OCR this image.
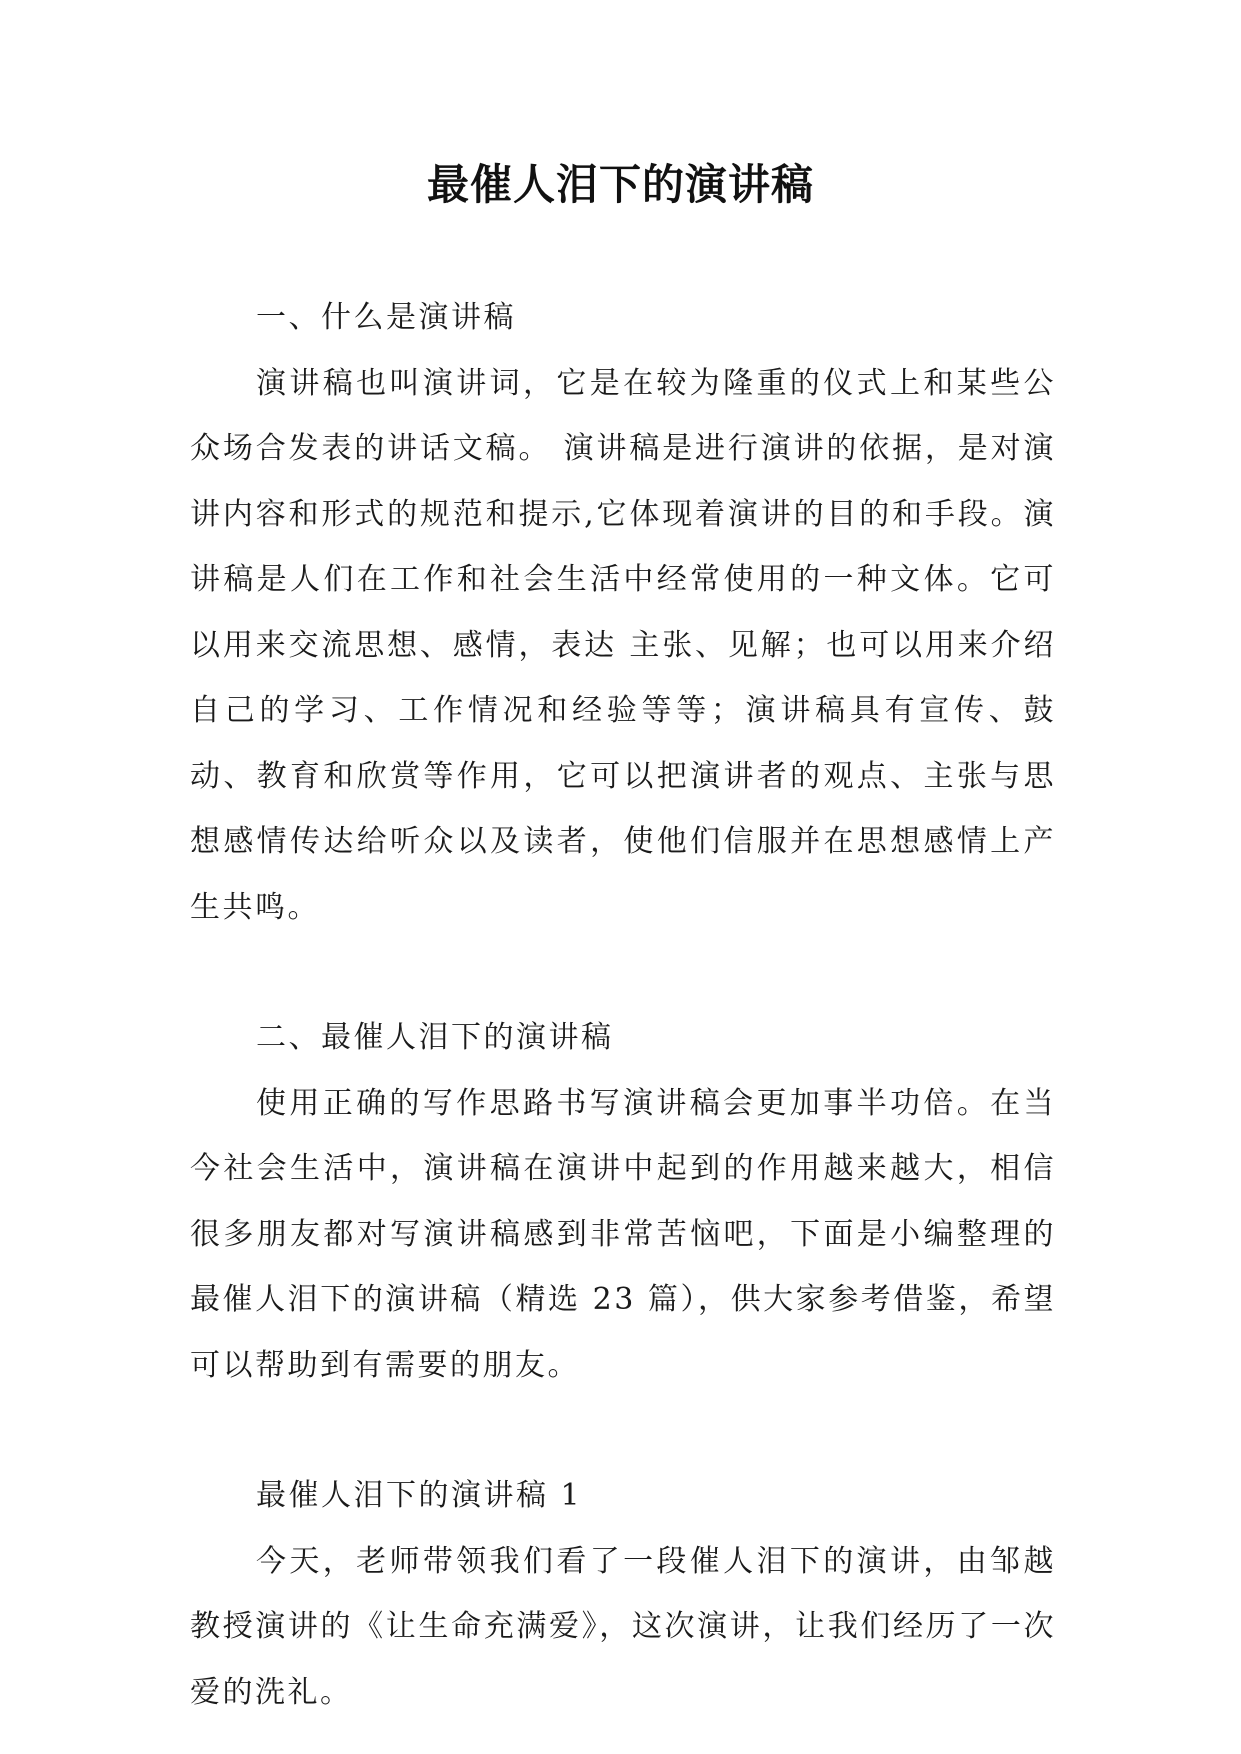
最催人泪下的演讲稿

一、什么是演讲稿

演讲稿也叫演讲词，它是在较为隆重的仪式上和某些公众场合发表的讲话文稿。 演讲稿是进行演讲的依据，是对演讲内容和形式的规范和提示,它体现着演讲的目的和手段。演讲稿是人们在工作和社会生活中经常使用的一种文体。它可以用来交流思想、感情，表达 主张、见解；也可以用来介绍自己的学习、工作情况和经验等等；演讲稿具有宣传、鼓动、教育和欣赏等作用，它可以把演讲者的观点、主张与思想感情传达给听众以及读者，使他们信服并在思想感情上产生共鸣。

二、最催人泪下的演讲稿

使用正确的写作思路书写演讲稿会更加事半功倍。在当今社会生活中，演讲稿在演讲中起到的作用越来越大，相信很多朋友都对写演讲稿感到非常苦恼吧，下面是小编整理的最催人泪下的演讲稿（精选 23 篇），供大家参考借鉴，希望可以帮助到有需要的朋友。

最催人泪下的演讲稿 1

今天，老师带领我们看了一段催人泪下的演讲，由邹越教授演讲的《让生命充满爱》，这次演讲，让我们经历了一次爱的洗礼。
